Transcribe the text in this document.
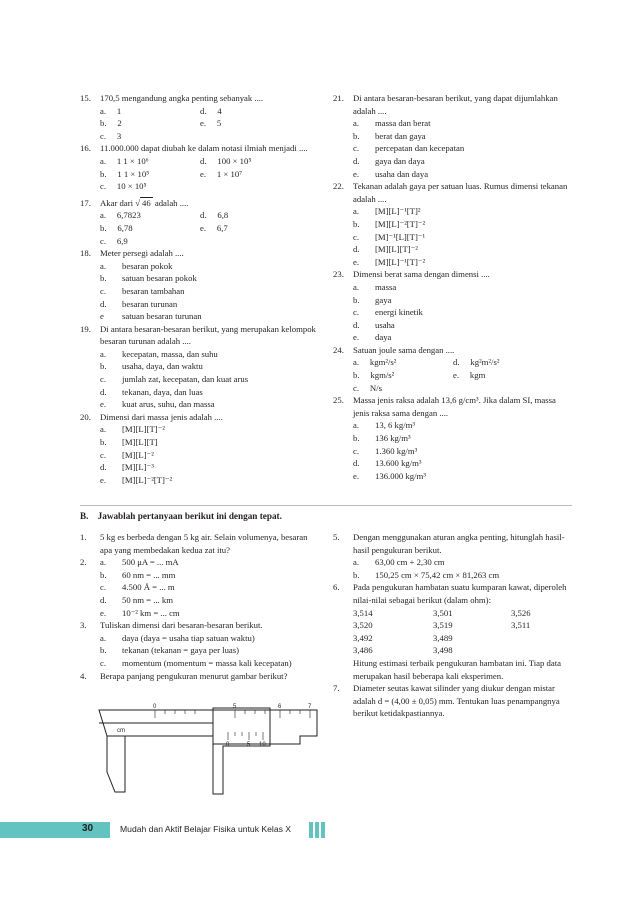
15. 170,5 mengandung angka penting sebanyak ....
a. 1	d. 4
b. 2	e. 5
c. 3
16. 11.000.000 dapat diubah ke dalam notasi ilmiah menjadi ....
a. 1 1 × 10⁶	d. 100 × 10⁵
b. 1 1 × 10⁵	e. 1 × 10⁷
c. 10 × 10⁵
17. Akar dari √ 46 adalah ....
a. 6,7823	d. 6,8
b. 6,78	e. 6,7
c. 6,9
18. Meter persegi adalah ....
a. besaran pokok
b. satuan besaran pokok
c. besaran tambahan
d. besaran turunan
e satuan besaran turunan
19. Di antara besaran-besaran berikut, yang merupakan kelompok besaran turunan adalah ....
a. kecepatan, massa, dan suhu
b. usaha, daya, dan waktu
c. jumlah zat, kecepatan, dan kuat arus
d. tekanan, daya, dan luas
e. kuat arus, suhu, dan massa
20. Dimensi dari massa jenis adalah ....
a. [M][L][T]⁻²
b. [M][L][T]
c. [M][L]⁻²
d. [M][L]⁻³
e. [M][L]⁻²[T]⁻²
21. Di antara besaran-besaran berikut, yang dapat dijumlahkan adalah ....
a. massa dan berat
b. berat dan gaya
c. percepatan dan kecepatan
d. gaya dan daya
e. usaha dan daya
22. Tekanan adalah gaya per satuan luas. Rumus dimensi tekanan adalah ....
a. [M][L]⁻¹[T]²
b. [M][L]⁻²[T]⁻²
c. [M]⁻¹[L][T]⁻¹
d. [M][L][T]⁻²
e. [M][L]⁻¹[T]⁻²
23. Dimensi berat sama dengan dimensi ....
a. massa
b. gaya
c. energi kinetik
d. usaha
e. daya
24. Satuan joule sama dengan ....
a. kgm²/s²	d. kg²m²/s²
b. kgm/s²	e. kgm
c. N/s
25. Massa jenis raksa adalah 13,6 g/cm³. Jika dalam SI, massa jenis raksa sama dengan ....
a. 13, 6 kg/m³
b. 136 kg/m³
c. 1.360 kg/m³
d. 13.600 kg/m³
e. 136.000 kg/m³
B. Jawablah pertanyaan berikut ini dengan tepat.
1. 5 kg es berbeda dengan 5 kg air. Selain volumenya, besaran apa yang membedakan kedua zat itu?
2. a. 500 μA = ... mA
b. 60 nm = ... mm
c. 4.500 Å = ... m
d. 50 nm = ... km
e. 10⁻² km = ... cm
3. Tuliskan dimensi dari besaran-besaran berikut.
a. daya (daya = usaha tiap satuan waktu)
b. tekanan (tekanan = gaya per luas)
c. momentum (momentum = massa kali kecepatan)
4. Berapa panjang pengukuran menurut gambar berikut?
cm
0	5	6	7
0	5 10
5. Dengan menggunakan aturan angka penting, hitunglah hasil-hasil pengukuran berikut.
a. 63,00 cm + 2,30 cm
b. 150,25 cm × 75,42 cm × 81,263 cm
6. Pada pengukuran hambatan suatu kumparan kawat, diperoleh nilai-nilai sebagai berikut (dalam ohm):
3,514	3,501	3,526
3,520	3,519	3,511
3,492	3,489
3,486	3,498
Hitung estimasi terbaik pengukuran hambatan ini. Tiap data merupakan hasil beberapa kali eksperimen.
7. Diameter seutas kawat silinder yang diukur dengan mistar adalah d = (4,00 ± 0,05) mm. Tentukan luas penampangnya berikut ketidakpastiannya.
30	Mudah dan Aktif Belajar Fisika untuk Kelas X
